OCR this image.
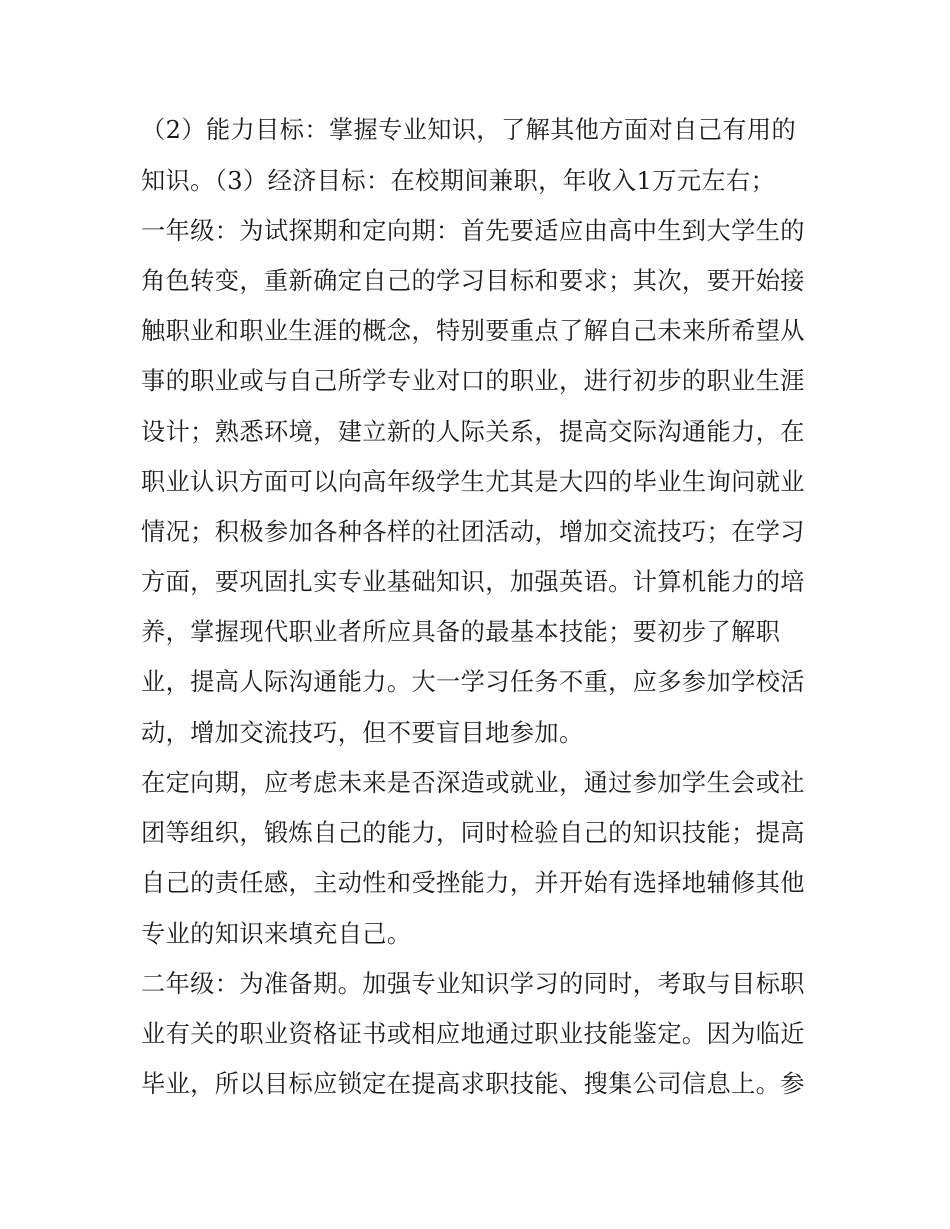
（2）能力目标：掌握专业知识，了解其他方面对自己有用的
知识。（3）经济目标：在校期间兼职，年收入1万元左右；
一年级：为试探期和定向期：首先要适应由高中生到大学生的
角色转变，重新确定自己的学习目标和要求；其次，要开始接
触职业和职业生涯的概念，特别要重点了解自己未来所希望从
事的职业或与自己所学专业对口的职业，进行初步的职业生涯
设计；熟悉环境，建立新的人际关系，提高交际沟通能力，在
职业认识方面可以向高年级学生尤其是大四的毕业生询问就业
情况；积极参加各种各样的社团活动，增加交流技巧；在学习
方面，要巩固扎实专业基础知识，加强英语。计算机能力的培
养，掌握现代职业者所应具备的最基本技能；要初步了解职
业，提高人际沟通能力。大一学习任务不重，应多参加学校活
动，增加交流技巧，但不要盲目地参加。
在定向期，应考虑未来是否深造或就业，通过参加学生会或社
团等组织，锻炼自己的能力，同时检验自己的知识技能；提高
自己的责任感，主动性和受挫能力，并开始有选择地辅修其他
专业的知识来填充自己。
二年级：为准备期。加强专业知识学习的同时，考取与目标职
业有关的职业资格证书或相应地通过职业技能鉴定。因为临近
毕业，所以目标应锁定在提高求职技能、搜集公司信息上。参
